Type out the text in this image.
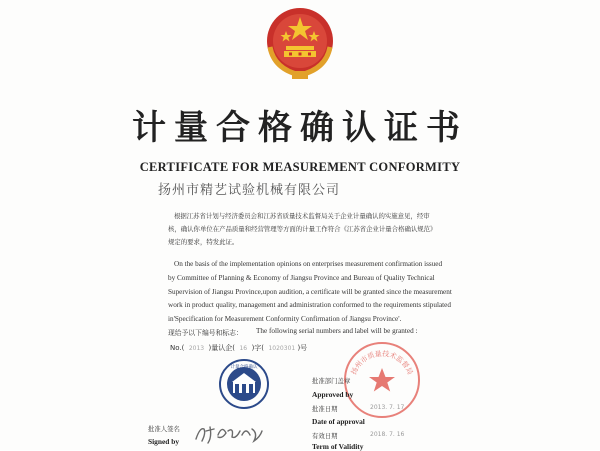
计量合格确认证书
CERTIFICATE FOR MEASUREMENT CONFORMITY
扬州市精艺试验机械有限公司
根据江苏省计划与经济委员会和江苏省质量技术监督局关于企业计量确认的实施意见，经审
核，确认你单位在产品质量和经营管理等方面的计量工作符合《江苏省企业计量合格确认规范》
规定的要求，特发此证。

On the basis of the implementation opinions on enterprises measurement confirmation issued

by Committee of Planning & Economy of Jiangsu Province and Bureau of Quality Technical

Supervision of Jiangsu Province,upon audition, a certificate will be granted since the measurement

work in product quality, management and administration conformed to the requirements stipulated

in'Specification for Measurement Conformity Confirmation of Jiangsu Province'.

现给予以下编号和标志： The following serial numbers and label will be granted :
No.( 2013 )量认企( 16 )字( 1020301 )号
计量合格确认	扬州市质量技术监督局
批准部门盖章
Approved by
批准日期	2013. 7. 17
Date of approval
有效日期	2018. 7. 16
Term of Validity
批准人签名
Signed by
